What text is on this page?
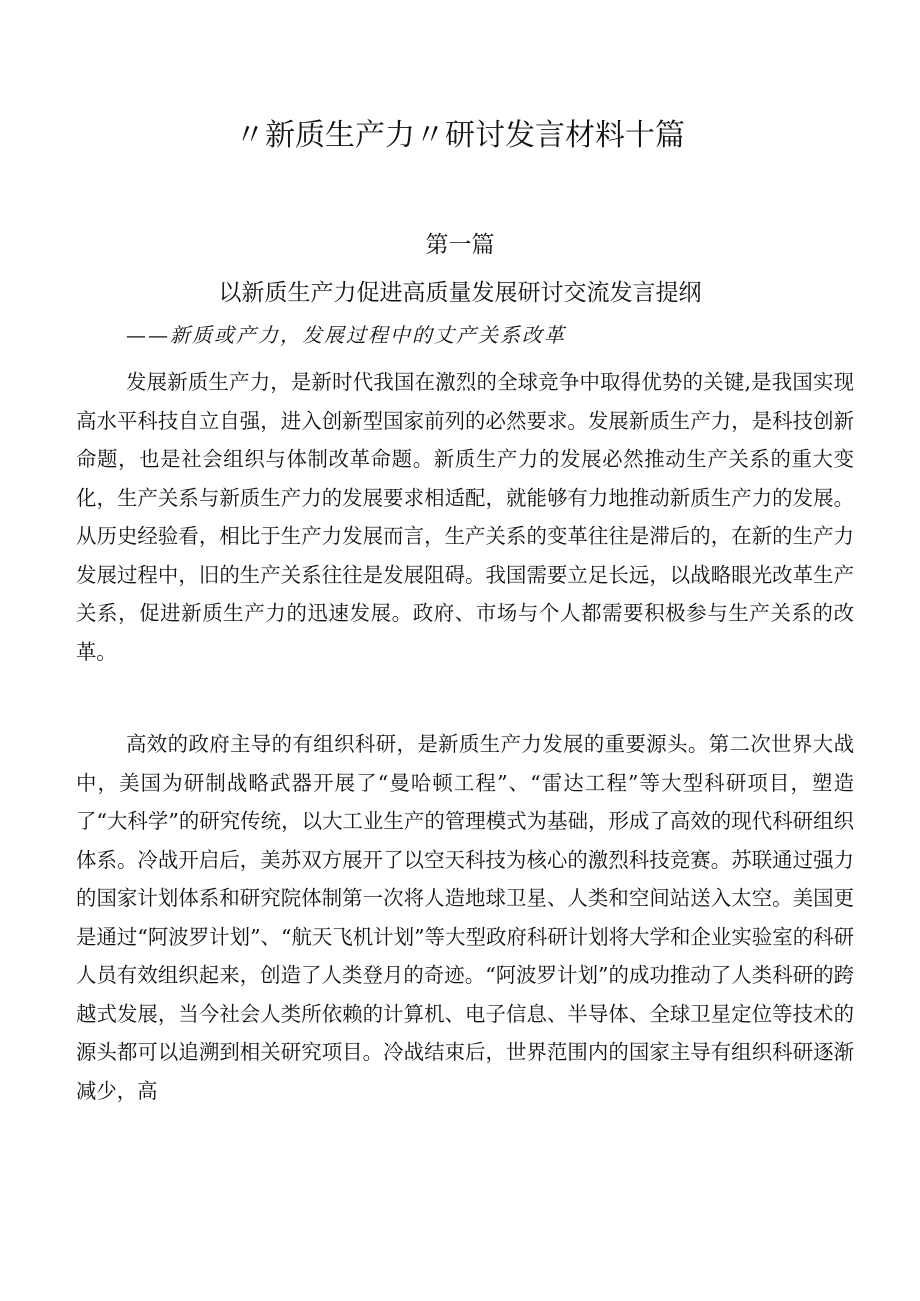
〃新质生产力〃研讨发言材料十篇
第一篇
以新质生产力促进高质量发展研讨交流发言提纲
——新质或产力，发展过程中的丈产关系改革

发展新质生产力，是新时代我国在激烈的全球竞争中取得优势的关键,是我国实现高水平科技自立自强，进入创新型国家前列的必然要求。发展新质生产力，是科技创新命题，也是社会组织与体制改革命题。新质生产力的发展必然推动生产关系的重大变化，生产关系与新质生产力的发展要求相适配，就能够有力地推动新质生产力的发展。从历史经验看，相比于生产力发展而言，生产关系的变革往往是滞后的，在新的生产力发展过程中，旧的生产关系往往是发展阻碍。我国需要立足长远，以战略眼光改革生产关系，促进新质生产力的迅速发展。政府、市场与个人都需要积极参与生产关系的改革。

高效的政府主导的有组织科研，是新质生产力发展的重要源头。第二次世界大战中，美国为研制战略武器开展了“曼哈顿工程”、“雷达工程”等大型科研项目，塑造了“大科学”的研究传统，以大工业生产的管理模式为基础，形成了高效的现代科研组织体系。冷战开启后，美苏双方展开了以空天科技为核心的激烈科技竞赛。苏联通过强力的国家计划体系和研究院体制第一次将人造地球卫星、人类和空间站送入太空。美国更是通过“阿波罗计划”、“航天飞机计划”等大型政府科研计划将大学和企业实验室的科研人员有效组织起来，创造了人类登月的奇迹。“阿波罗计划”的成功推动了人类科研的跨越式发展，当今社会人类所依赖的计算机、电子信息、半导体、全球卫星定位等技术的源头都可以追溯到相关研究项目。冷战结束后，世界范围内的国家主导有组织科研逐渐减少，高
